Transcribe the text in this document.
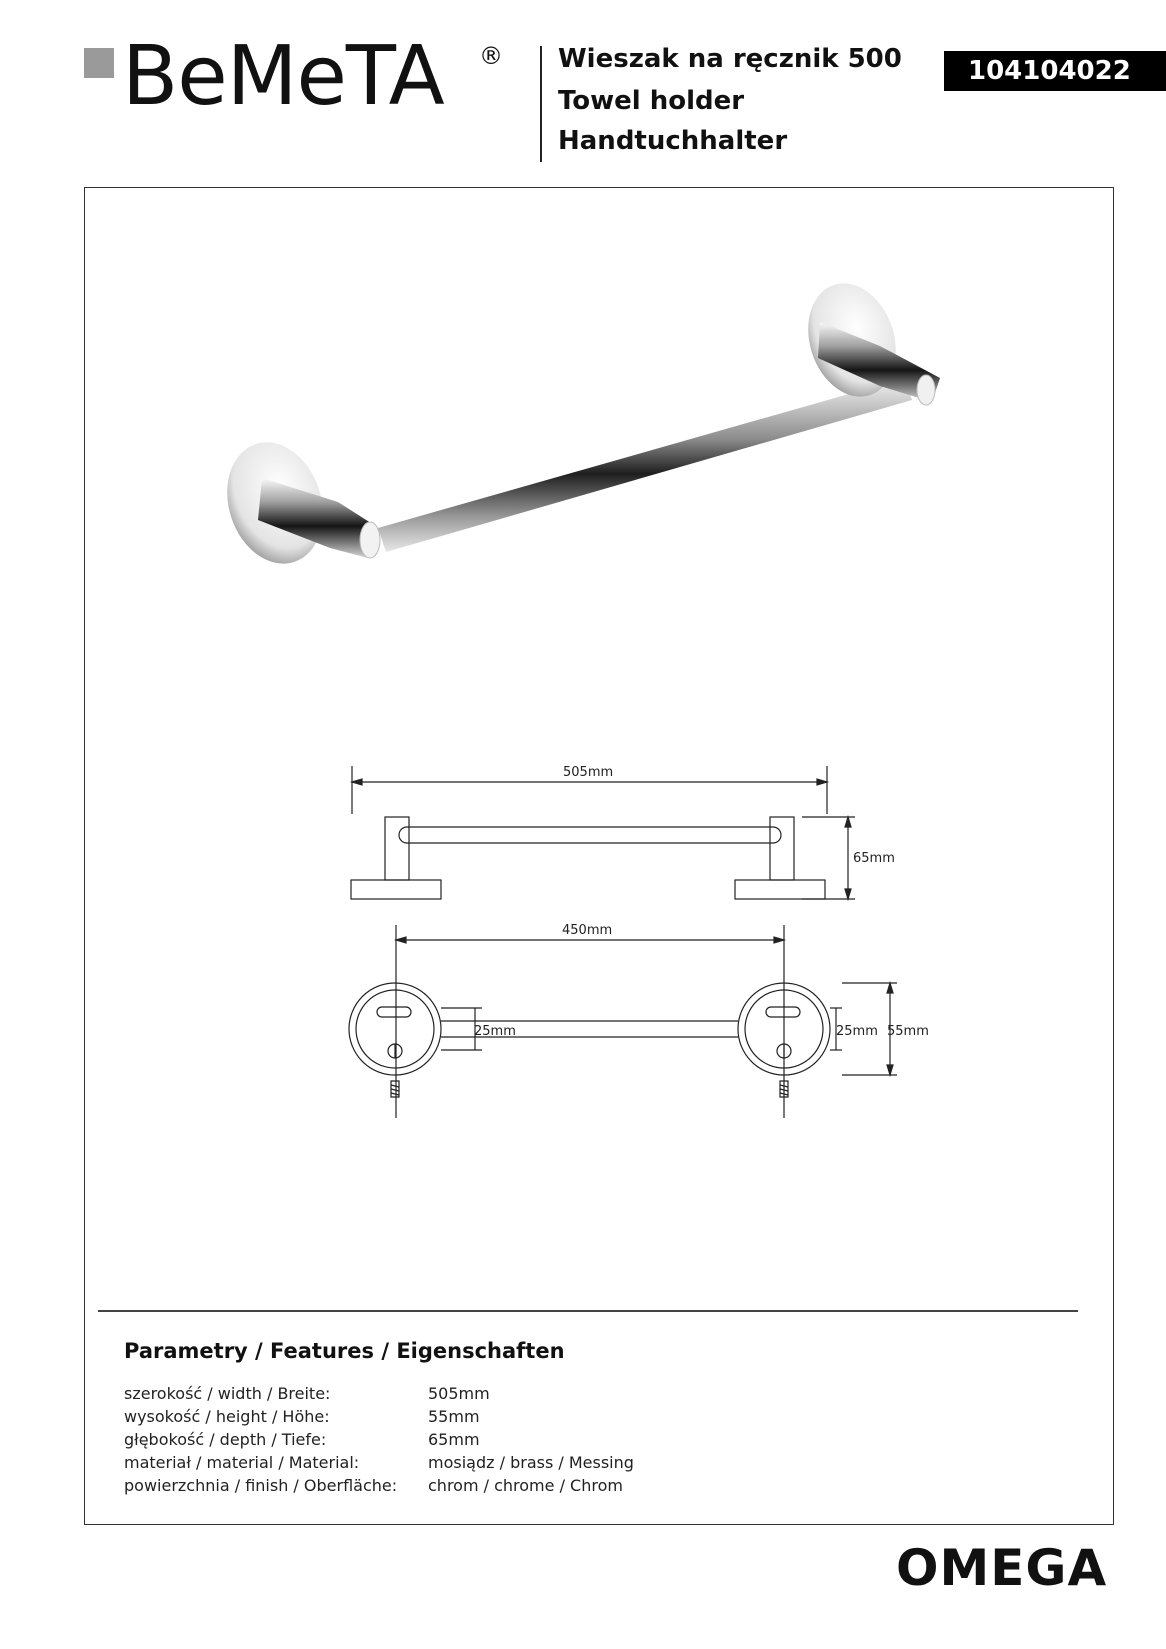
BeMeTA ® Wieszak na ręcznik 500
Towel holder
Handtuchhalter
104104022
505mm
65mm
450mm
25mm	25mm 55mm
Parametry / Features / Eigenschaften
szerokość / width / Breite:	505mm
wysokość / height / Höhe:	55mm
głębokość / depth / Tiefe:	65mm
materiał / material / Material:	mosiądz / brass / Messing
powierzchnia / finish / Oberfläche: chrom / chrome / Chrom
OMEGA
